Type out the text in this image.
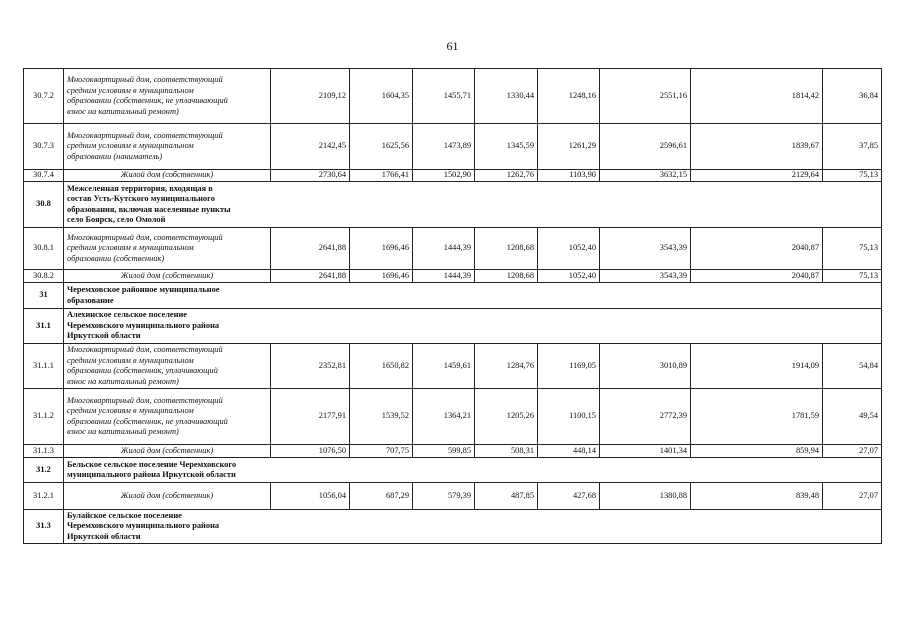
61
30.7.2	Многоквартирный дом, соответствующий
средним условиям в муниципальном
образовании (собственник, не уплачивающий
взнос на капитальный ремонт)	2109,12	1604,35	1455,71	1330,44	1248,16	2551,16	1814,42	36,84
30.7.3	Многоквартирный дом, соответствующий
средним условиям в муниципальном
образовании (наниматель)	2142,45	1625,56	1473,89	1345,59	1261,29	2596,61	1839,67	37,85
30.7.4	Жилой дом (собственник)	2730,64	1766,41	1502,90	1262,76	1103,90	3632,15	2129,64	75,13
30.8	Межселенная территория, входящая в
состав Усть-Кутского муниципального
образования, включая населенные пункты
село Боярск, село Омолой								

30.8.1	Многоквартирный дом, соответствующий
средним условиям в муниципальном
образовании (собственник)	2641,88	1696,46	1444,39	1208,68	1052,40	3543,39	2040,87	75,13
30.8.2	Жилой дом (собственник)	2641,88	1696,46	1444,39	1208,68	1052,40	3543,39	2040,87	75,13
31	Черемховское районное муниципальное
образование								

31.1	Алехинское сельское поселение
Черемховского муниципального района
Иркутской области								

31.1.1	Многоквартирный дом, соответствующий
средним условиям в муниципальном
образовании (собственник, уплачивающий
взнос на капитальный ремонт)	2352,81	1650,82	1459,61	1284,76	1169,05	3010,89	1914,09	54,84
31.1.2	Многоквартирный дом, соответствующий
средним условиям в муниципальном
образовании (собственник, не уплачивающий
взнос на капитальный ремонт)	2177,91	1539,52	1364,21	1205,26	1100,15	2772,39	1781,59	49,54
31.1.3	Жилой дом (собственник)	1076,50	707,75	599,85	508,31	448,14	1401,34	859,94	27,07
31.2	Бельское сельское поселение Черемховского
муниципального района Иркутской области								

31.2.1	Жилой дом (собственник)	1056,04	687,29	579,39	487,85	427,68	1380,88	839,48	27,07
31.3	Булайское сельское поселение
Черемховского муниципального района
Иркутской области								
